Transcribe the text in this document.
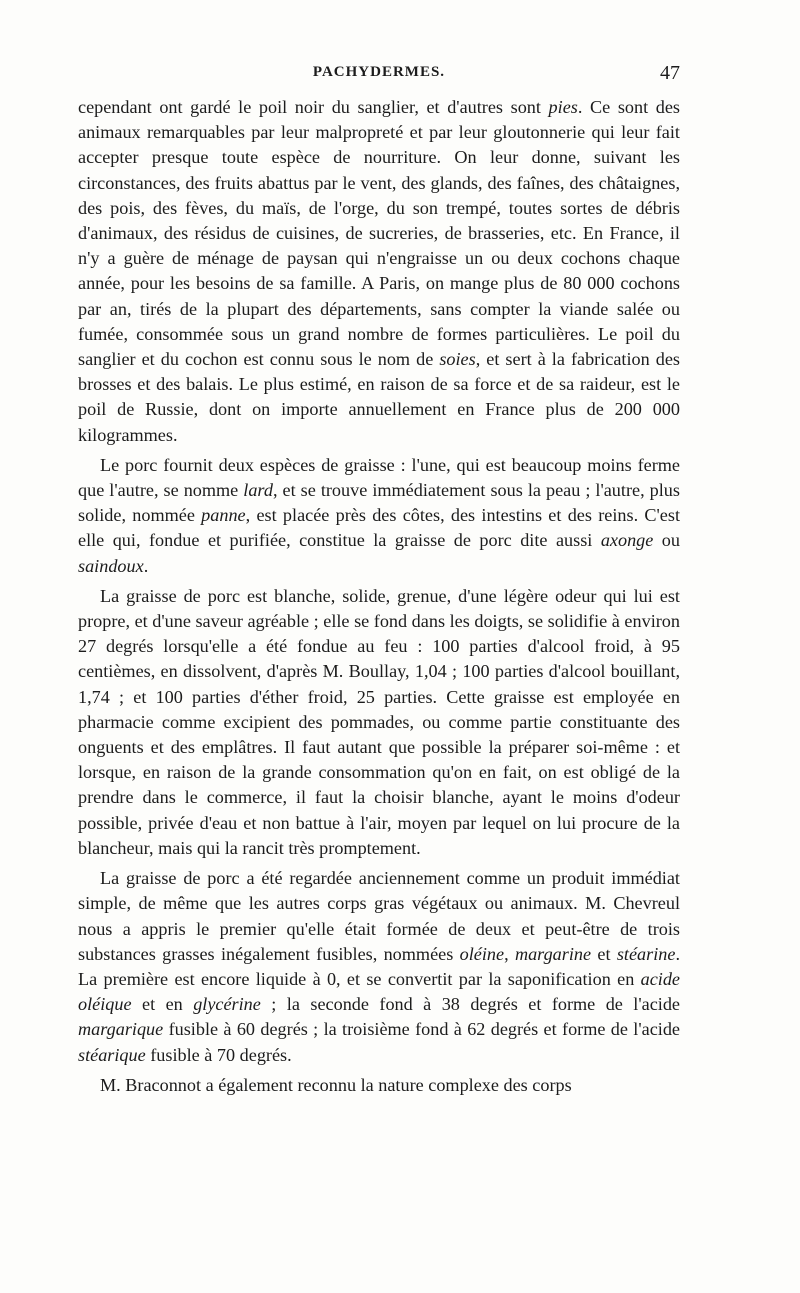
PACHYDERMES.	47

cependant ont gardé le poil noir du sanglier, et d'autres sont pies. Ce sont des animaux remarquables par leur malpropreté et par leur gloutonnerie qui leur fait accepter presque toute espèce de nourriture. On leur donne, suivant les circonstances, des fruits abattus par le vent, des glands, des faînes, des châtaignes, des pois, des fèves, du maïs, de l'orge, du son trempé, toutes sortes de débris d'animaux, des résidus de cuisines, de sucreries, de brasseries, etc. En France, il n'y a guère de ménage de paysan qui n'engraisse un ou deux cochons chaque année, pour les besoins de sa famille. A Paris, on mange plus de 80 000 cochons par an, tirés de la plupart des départements, sans compter la viande salée ou fumée, consommée sous un grand nombre de formes particulières. Le poil du sanglier et du cochon est connu sous le nom de soies, et sert à la fabrication des brosses et des balais. Le plus estimé, en raison de sa force et de sa raideur, est le poil de Russie, dont on importe annuellement en France plus de 200 000 kilogrammes.

Le porc fournit deux espèces de graisse : l'une, qui est beaucoup moins ferme que l'autre, se nomme lard, et se trouve immédiatement sous la peau ; l'autre, plus solide, nommée panne, est placée près des côtes, des intestins et des reins. C'est elle qui, fondue et purifiée, constitue la graisse de porc dite aussi axonge ou saindoux.

La graisse de porc est blanche, solide, grenue, d'une légère odeur qui lui est propre, et d'une saveur agréable ; elle se fond dans les doigts, se solidifie à environ 27 degrés lorsqu'elle a été fondue au feu : 100 parties d'alcool froid, à 95 centièmes, en dissolvent, d'après M. Boullay, 1,04 ; 100 parties d'alcool bouillant, 1,74 ; et 100 parties d'éther froid, 25 parties. Cette graisse est employée en pharmacie comme excipient des pommades, ou comme partie constituante des onguents et des emplâtres. Il faut autant que possible la préparer soi-même : et lorsque, en raison de la grande consommation qu'on en fait, on est obligé de la prendre dans le commerce, il faut la choisir blanche, ayant le moins d'odeur possible, privée d'eau et non battue à l'air, moyen par lequel on lui procure de la blancheur, mais qui la rancit très promptement.

La graisse de porc a été regardée anciennement comme un produit immédiat simple, de même que les autres corps gras végétaux ou animaux. M. Chevreul nous a appris le premier qu'elle était formée de deux et peut-être de trois substances grasses inégalement fusibles, nommées oléine, margarine et stéarine. La première est encore liquide à 0, et se convertit par la saponification en acide oléique et en glycérine ; la seconde fond à 38 degrés et forme de l'acide margarique fusible à 60 degrés ; la troisième fond à 62 degrés et forme de l'acide stéarique fusible à 70 degrés.

M. Braconnot a également reconnu la nature complexe des corps
